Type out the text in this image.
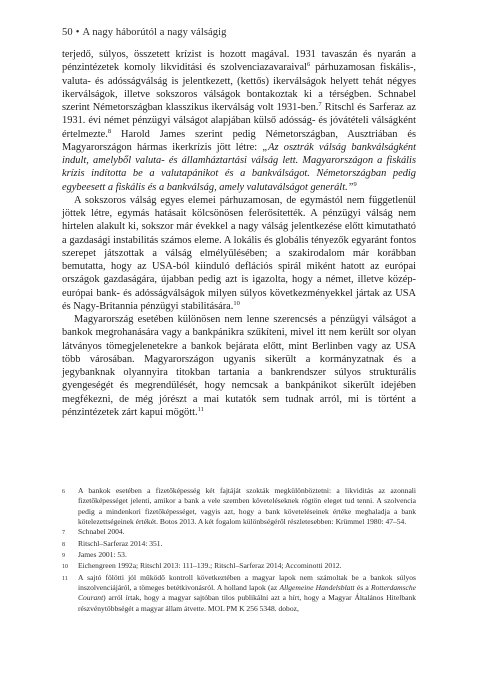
50 • A nagy háborútól a nagy válságig

terjedő, súlyos, összetett krízist is hozott magával. 1931 tavaszán és nyarán a pénzintézetek komoly likviditási és szolvenciazavaraival$^6$ párhuzamosan fiskális-, valuta- és adósságválság is jelentkezett, (kettős) ikerválságok helyett tehát négyes ikerválságok, illetve sokszoros válságok bontakoztak ki a térségben. Schnabel szerint Németországban klasszikus ikerválság volt 1931-ben.$^7$ Ritschl és Sarferaz az 1931. évi német pénzügyi válságot alapjában külső adósság- és jóvátételi válságként értelmezte.$^8$ Harold James szerint pedig Németországban, Ausztriában és Magyarországon hármas ikerkrízis jött létre: „Az osztrák válság bankválságként indult, amelyből valuta- és államháztartási válság lett. Magyarországon a fiskális krízis indította be a valutapánikot és a bankválságot. Németországban pedig egybeesett a fiskális és a bankválság, amely valutaválságot generált.”$^9$

A sokszoros válság egyes elemei párhuzamosan, de egymástól nem függetlenül jöttek létre, egymás hatásait kölcsönösen felerősítették. A pénzügyi válság nem hirtelen alakult ki, sokszor már évekkel a nagy válság jelentkezése előtt kimutatható a gazdasági instabilitás számos eleme. A lokális és globális tényezők egyaránt fontos szerepet játszottak a válság elmélyülésében; a szakirodalom már korábban bemutatta, hogy az USA-ból kiinduló deflációs spirál miként hatott az európai országok gazdaságára, újabban pedig azt is igazolta, hogy a német, illetve közép-európai bank- és adósságválságok milyen súlyos következményekkel jártak az USA és Nagy-Britannia pénzügyi stabilitására.$^{10}$

Magyarország esetében különösen nem lenne szerencsés a pénzügyi válságot a bankok megrohanására vagy a bankpánikra szűkíteni, mivel itt nem került sor olyan látványos tömegjelenetekre a bankok bejárata előtt, mint Berlinben vagy az USA több városában. Magyarországon ugyanis sikerült a kormányzatnak és a jegybanknak olyannyira titokban tartania a bankrendszer súlyos strukturális gyengeségét és megrendülését, hogy nemcsak a bankpánikot sikerült idejében megfékezni, de még jórészt a mai kutatók sem tudnak arról, mi is történt a pénzintézetek zárt kapui mögött.$^{11}$

6	A bankok esetében a fizetőképesség két fajtáját szokták megkülönböztetni: a likviditás az azonnali fizetőképességet jelenti, amikor a bank a vele szemben követeléseknek rögtön eleget tud tenni. A szolvencia pedig a mindenkori fizetőképességet, vagyis azt, hogy a bank követeléseinek értéke meghaladja a bank kötelezettségeinek értékét. Botos 2013. A két fogalom különbségéről részletesebben: Krümmel 1980: 47–54.
7	Schnabel 2004.
8	Ritschl–Sarferaz 2014: 351.
9	James 2001: 53.
10	Eichengreen 1992a; Ritschl 2013: 111–139.; Ritschl–Sarferaz 2014; Accominotti 2012.
11	A sajtó fölötti jól működő kontroll következtében a magyar lapok nem számoltak be a bankok súlyos inszolvenciájáról, a tömeges betétkivonásról. A holland lapok (az Allgemeine Handelsblatt és a Rotterdamsche Courant) arról írtak, hogy a magyar sajtóban tilos publikálni azt a hírt, hogy a Magyar Általános Hitelbank részvénytöbbségét a magyar állam átvette. MOL PM K 256 5348. doboz,
